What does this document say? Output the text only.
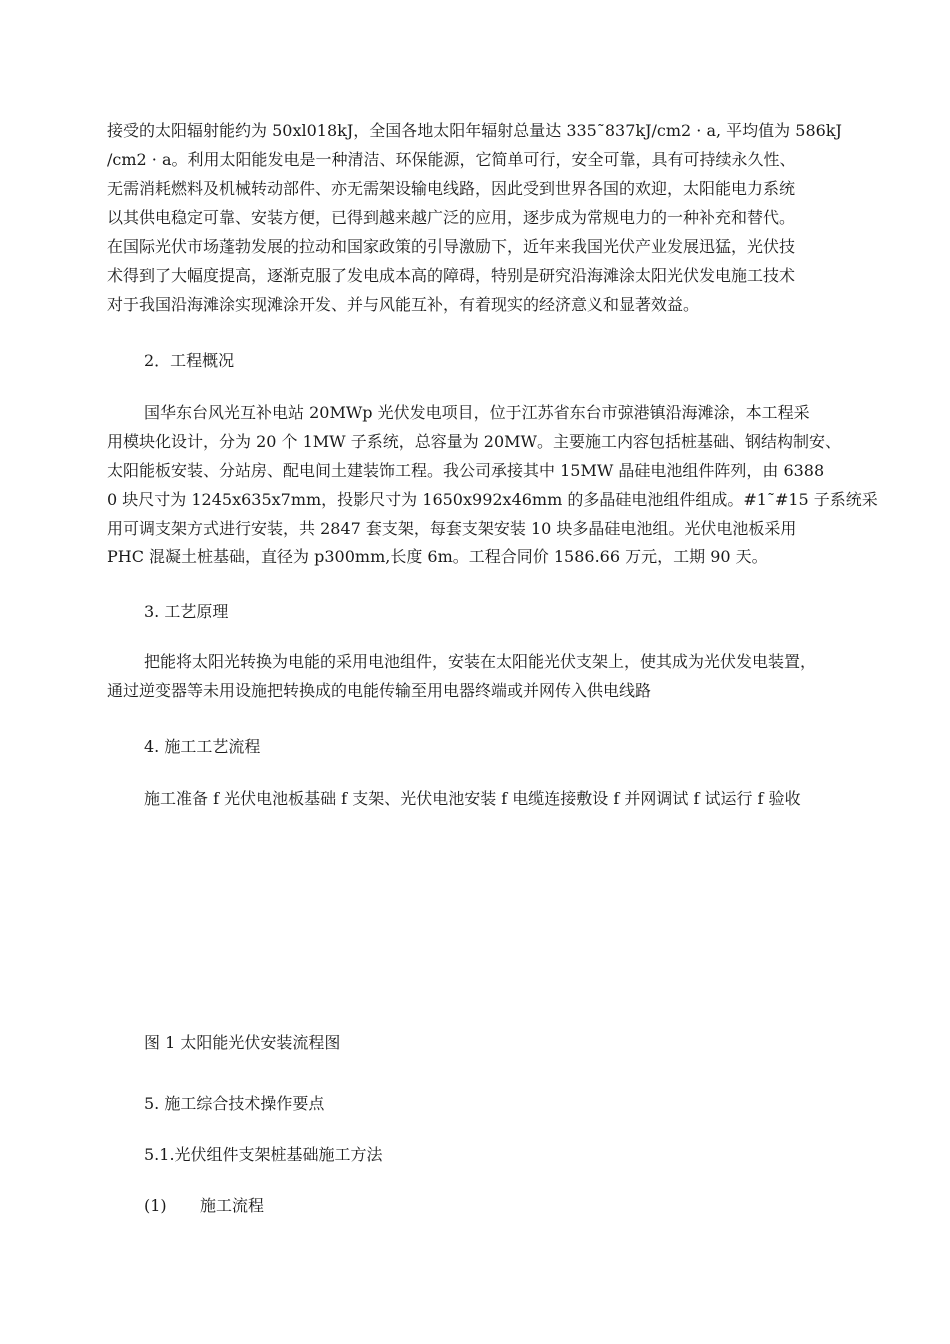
接受的太阳辐射能约为 50xl018kJ，全国各地太阳年辐射总量达 335˜837kJ/cm2 · a, 平均值为 586kJ
/cm2 · a。利用太阳能发电是一种清洁、环保能源，它简单可行，安全可靠，具有可持续永久性、
无需消耗燃料及机械转动部件、亦无需架设输电线路，因此受到世界各国的欢迎，太阳能电力系统
以其供电稳定可靠、安装方便，已得到越来越广泛的应用，逐步成为常规电力的一种补充和替代。
在国际光伏市场蓬勃发展的拉动和国家政策的引导激励下，近年来我国光伏产业发展迅猛，光伏技
术得到了大幅度提高，逐渐克服了发电成本高的障碍，特别是研究沿海滩涂太阳光伏发电施工技术
对于我国沿海滩涂实现滩涂开发、并与风能互补，有着现实的经济意义和显著效益。
2．工程概况
国华东台风光互补电站 20MWp 光伏发电项目，位于江苏省东台市弶港镇沿海滩涂，本工程采
用模块化设计，分为 20 个 1MW 子系统，总容量为 20MW。主要施工内容包括桩基础、钢结构制安、
太阳能板安装、分站房、配电间土建装饰工程。我公司承接其中 15MW 晶硅电池组件阵列，由 6388
0 块尺寸为 1245x635x7mm，投影尺寸为 1650x992x46mm 的多晶硅电池组件组成。#1˜#15 子系统采
用可调支架方式进行安装，共 2847 套支架，每套支架安装 10 块多晶硅电池组。光伏电池板采用
PHC 混凝土桩基础，直径为 p300mm,长度 6m。工程合同价 1586.66 万元，工期 90 天。
3. 工艺原理
把能将太阳光转换为电能的采用电池组件，安装在太阳能光伏支架上，使其成为光伏发电装置，
通过逆变器等未用设施把转换成的电能传输至用电器终端或并网传入供电线路
4. 施工工艺流程
施工准备 f 光伏电池板基础 f 支架、光伏电池安装 f 电缆连接敷设 f 并网调试 f 试运行 f 验收
图 1 太阳能光伏安装流程图
5. 施工综合技术操作要点
5.1.光伏组件支架桩基础施工方法
(1) 施工流程
